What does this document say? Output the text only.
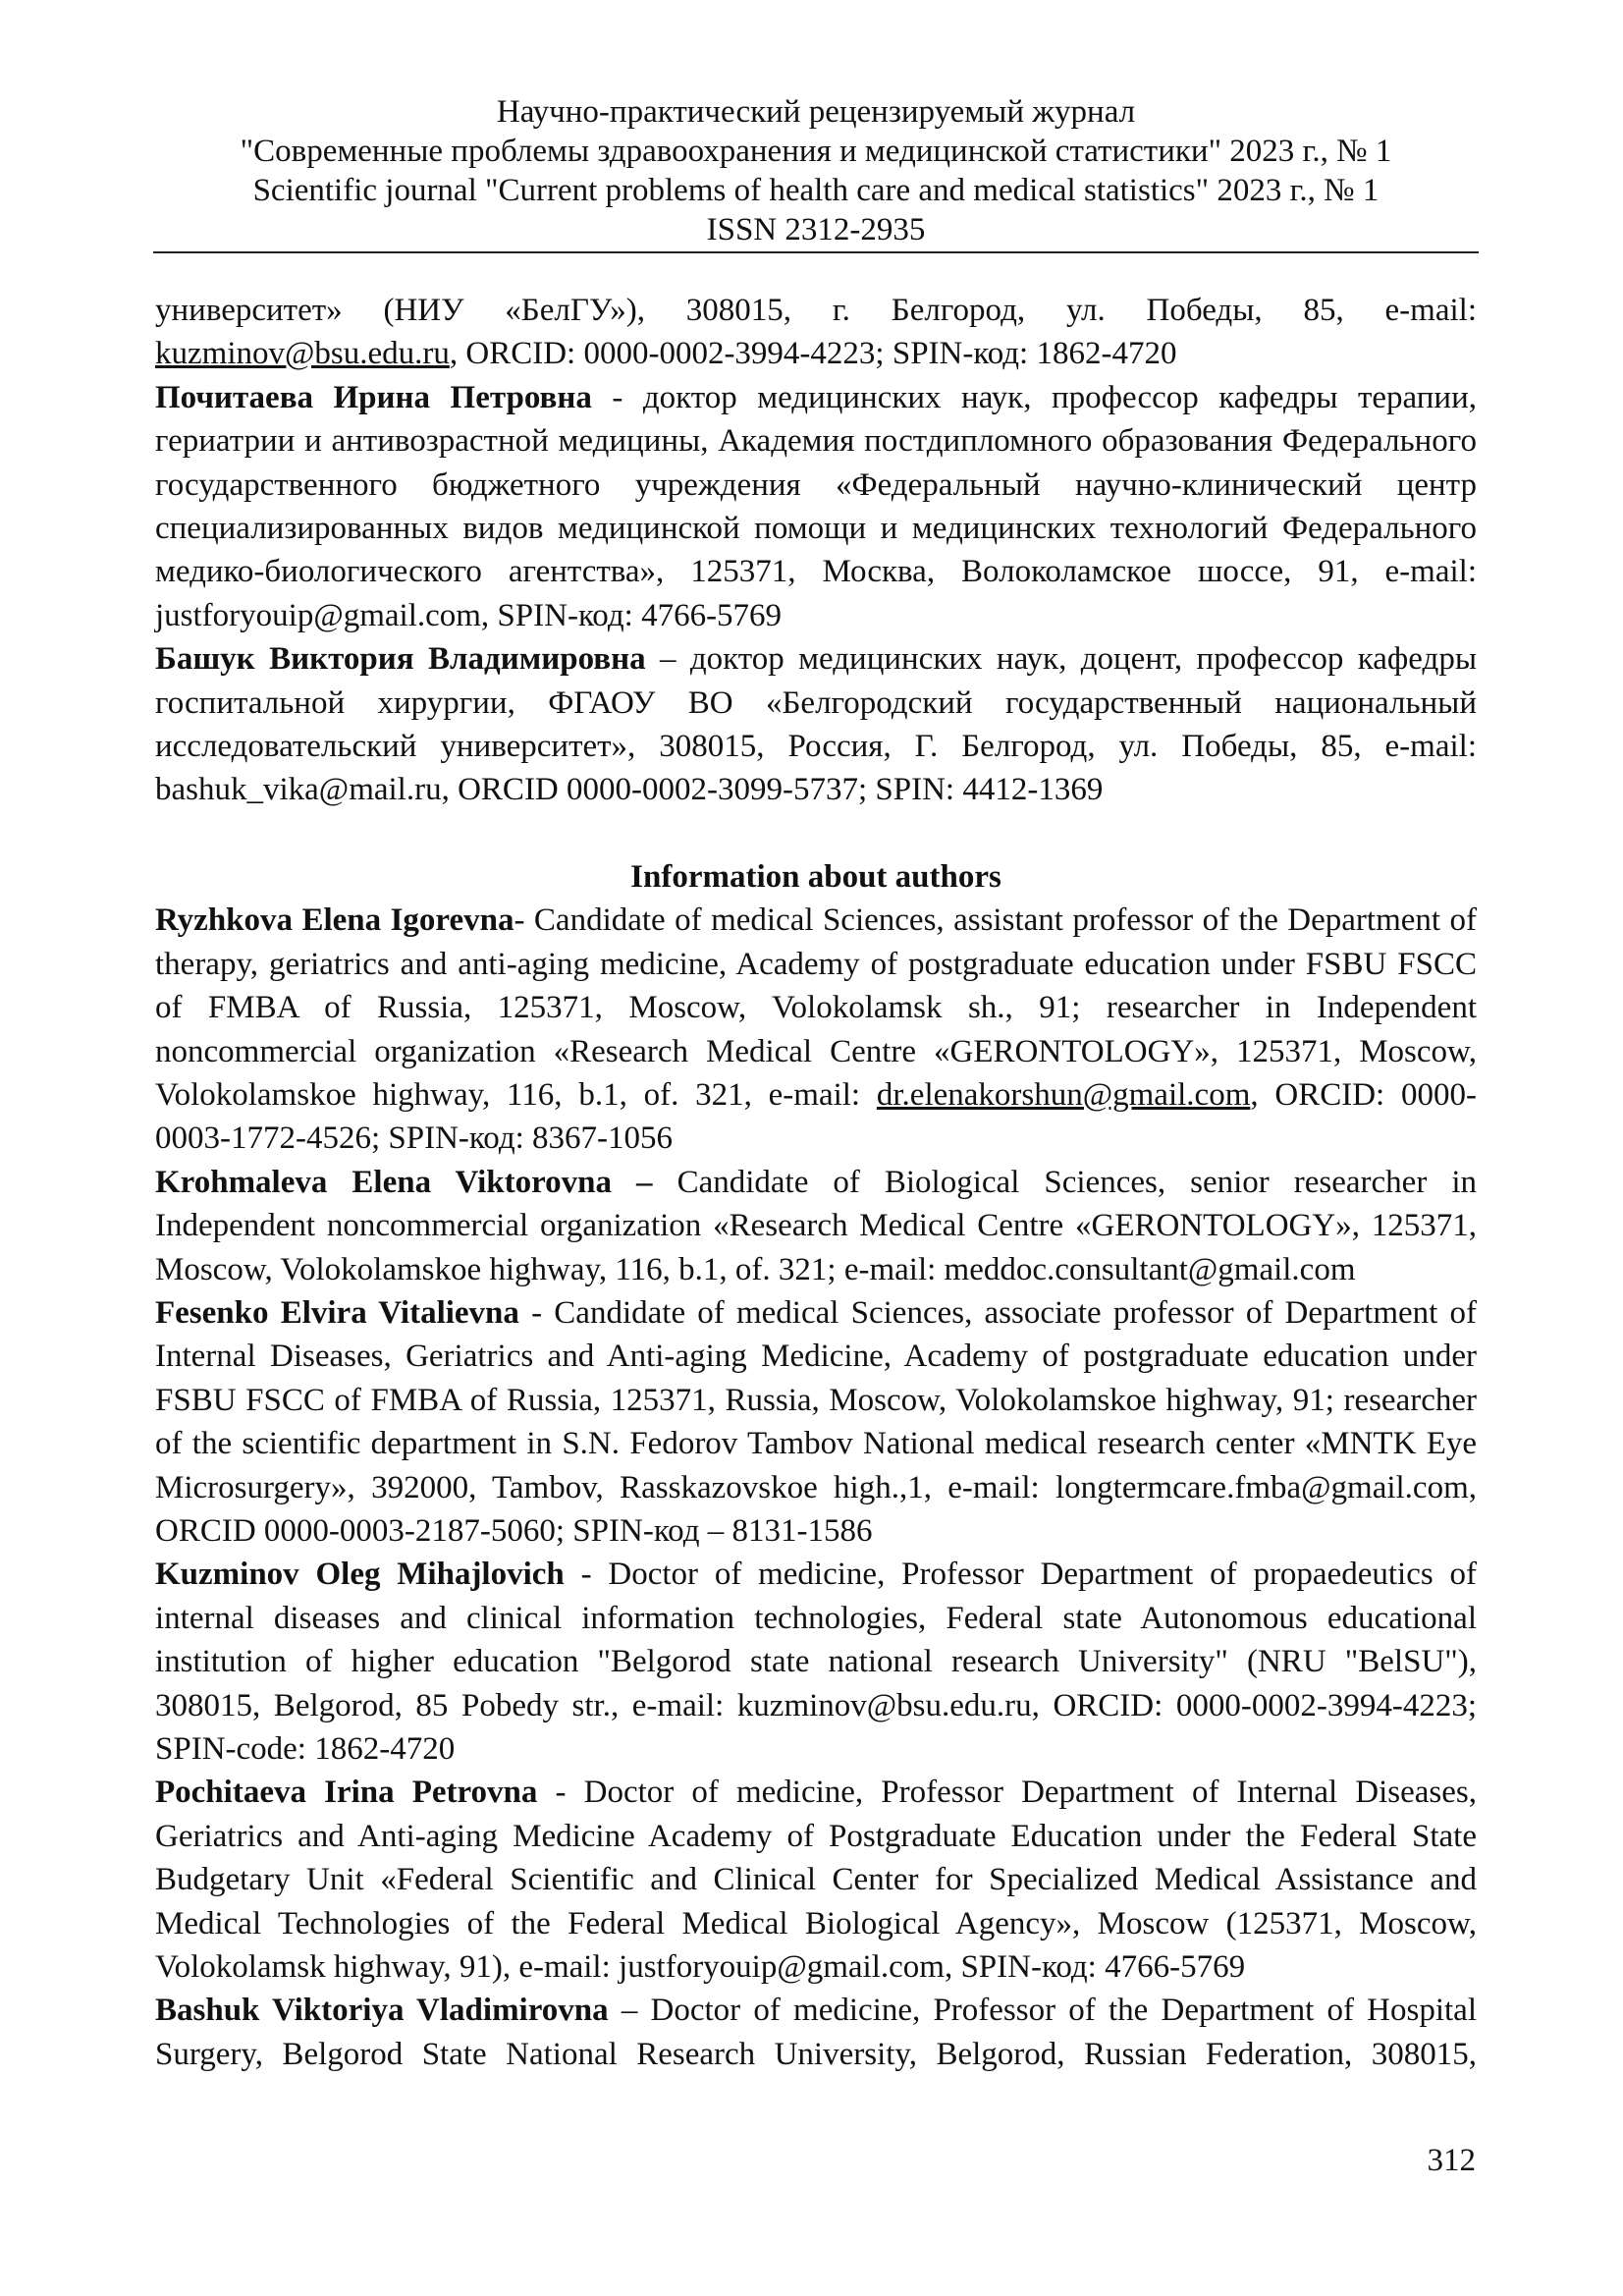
Научно-практический рецензируемый журнал
"Современные проблемы здравоохранения и медицинской статистики" 2023 г., № 1
Scientific journal "Current problems of health care and medical statistics" 2023 г., № 1
ISSN 2312-2935

университет» (НИУ «БелГУ»), 308015, г. Белгород, ул. Победы, 85, e-mail: kuzminov@bsu.edu.ru, ORCID: 0000-0002-3994-4223; SPIN-код: 1862-4720

Почитаева Ирина Петровна - доктор медицинских наук, профессор кафедры терапии, гериатрии и антивозрастной медицины, Академия постдипломного образования Федерального государственного бюджетного учреждения «Федеральный научно-клинический центр специализированных видов медицинской помощи и медицинских технологий Федерального медико-биологического агентства», 125371, Москва, Волоколамское шоссе, 91, e-mail: justforyouip@gmail.com, SPIN-код: 4766-5769

Башук Виктория Владимировна – доктор медицинских наук, доцент, профессор кафедры госпитальной хирургии, ФГАОУ ВО «Белгородский государственный национальный исследовательский университет», 308015, Россия, Г. Белгород, ул. Победы, 85, e-mail: bashuk_vika@mail.ru, ORCID 0000-0002-3099-5737; SPIN: 4412-1369

Information about authors

Ryzhkova Elena Igorevna- Candidate of medical Sciences, assistant professor of the Department of therapy, geriatrics and anti-aging medicine, Academy of postgraduate education under FSBU FSCC of FMBA of Russia, 125371, Moscow, Volokolamsk sh., 91; researcher in Independent noncommercial organization «Research Medical Centre «GERONTOLOGY», 125371, Moscow, Volokolamskoe highway, 116, b.1, of. 321, e-mail: dr.elenakorshun@gmail.com, ORCID: 0000-0003-1772-4526; SPIN-код: 8367-1056

Krohmaleva Elena Viktorovna – Candidate of Biological Sciences, senior researcher in Independent noncommercial organization «Research Medical Centre «GERONTOLOGY», 125371, Moscow, Volokolamskoe highway, 116, b.1, of. 321; e-mail: meddoc.consultant@gmail.com

Fesenko Elvira Vitalievna - Candidate of medical Sciences, associate professor of Department of Internal Diseases, Geriatrics and Anti-aging Medicine, Academy of postgraduate education under FSBU FSCC of FMBA of Russia, 125371, Russia, Moscow, Volokolamskoe highway, 91; researcher of the scientific department in S.N. Fedorov Tambov National medical research center «MNTK Eye Microsurgery», 392000, Tambov, Rasskazovskoe high.,1, e-mail: longtermcare.fmba@gmail.com, ORCID 0000-0003-2187-5060; SPIN-код – 8131-1586

Kuzminov Oleg Mihajlovich - Doctor of medicine, Professor Department of propaedeutics of internal diseases and clinical information technologies, Federal state Autonomous educational institution of higher education "Belgorod state national research University" (NRU "BelSU"), 308015, Belgorod, 85 Pobedy str., e-mail: kuzminov@bsu.edu.ru, ORCID: 0000-0002-3994-4223; SPIN-code: 1862-4720

Pochitaeva Irina Petrovna - Doctor of medicine, Professor Department of Internal Diseases, Geriatrics and Anti-aging Medicine Academy of Postgraduate Education under the Federal State Budgetary Unit «Federal Scientific and Clinical Center for Specialized Medical Assistance and Medical Technologies of the Federal Medical Biological Agency», Moscow (125371, Moscow, Volokolamsk highway, 91), e-mail: justforyouip@gmail.com, SPIN-код: 4766-5769

Bashuk Viktoriya Vladimirovna – Doctor of medicine, Professor of the Department of Hospital Surgery, Belgorod State National Research University, Belgorod, Russian Federation, 308015,

312
